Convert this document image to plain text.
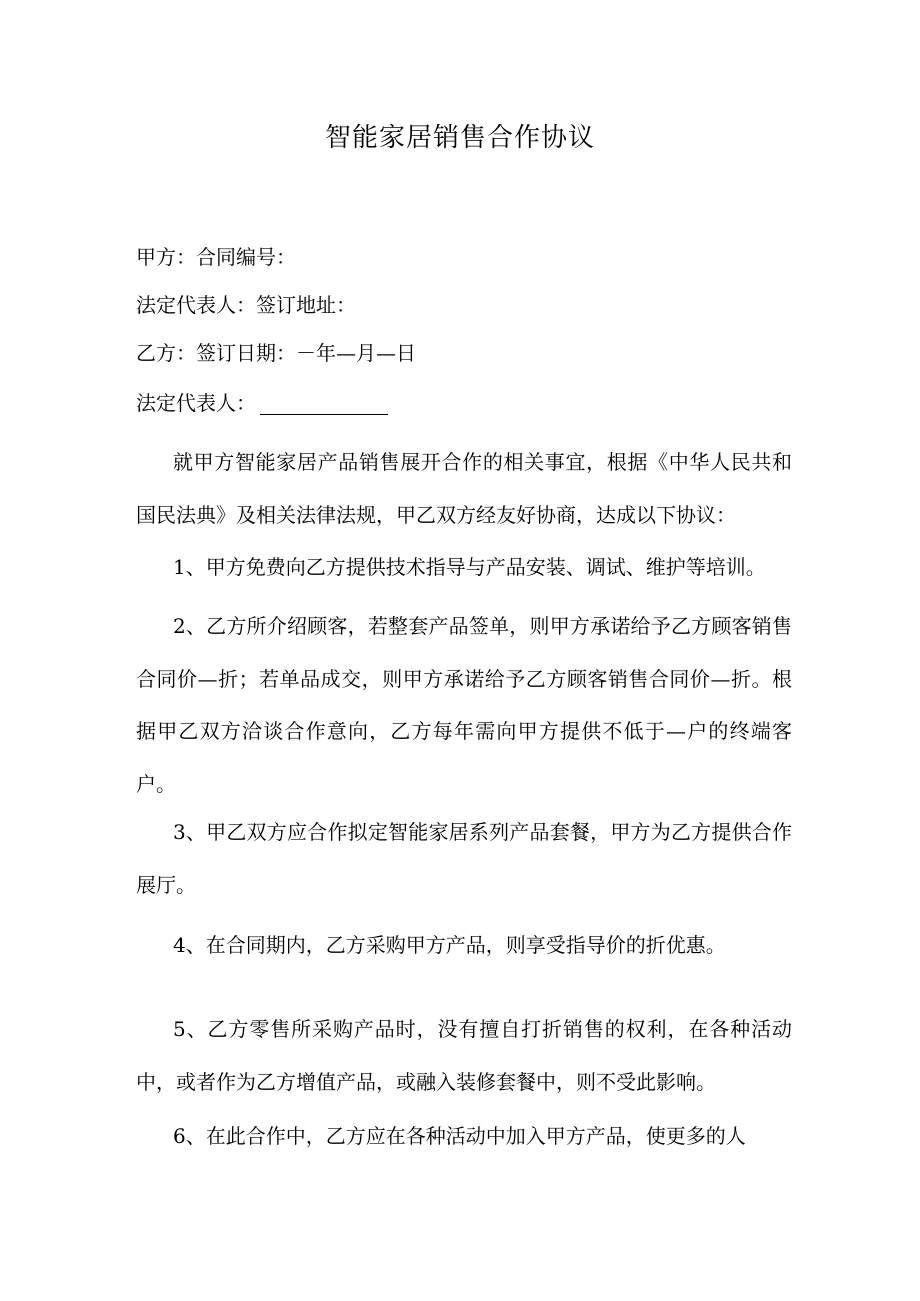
智能家居销售合作协议
甲方：合同编号：
法定代表人：签订地址：
乙方：签订日期：－年—月—日
法定代表人：

就甲方智能家居产品销售展开合作的相关事宜，根据《中华人民共和国民法典》及相关法律法规，甲乙双方经友好协商，达成以下协议：

1、甲方免费向乙方提供技术指导与产品安装、调试、维护等培训。

2、乙方所介绍顾客，若整套产品签单，则甲方承诺给予乙方顾客销售合同价—折；若单品成交，则甲方承诺给予乙方顾客销售合同价—折。根据甲乙双方洽谈合作意向，乙方每年需向甲方提供不低于—户的终端客户。

3、甲乙双方应合作拟定智能家居系列产品套餐，甲方为乙方提供合作展厅。

4、在合同期内，乙方采购甲方产品，则享受指导价的折优惠。

5、乙方零售所采购产品时，没有擅自打折销售的权利，在各种活动中，或者作为乙方增值产品，或融入装修套餐中，则不受此影响。

6、在此合作中，乙方应在各种活动中加入甲方产品，使更多的人
